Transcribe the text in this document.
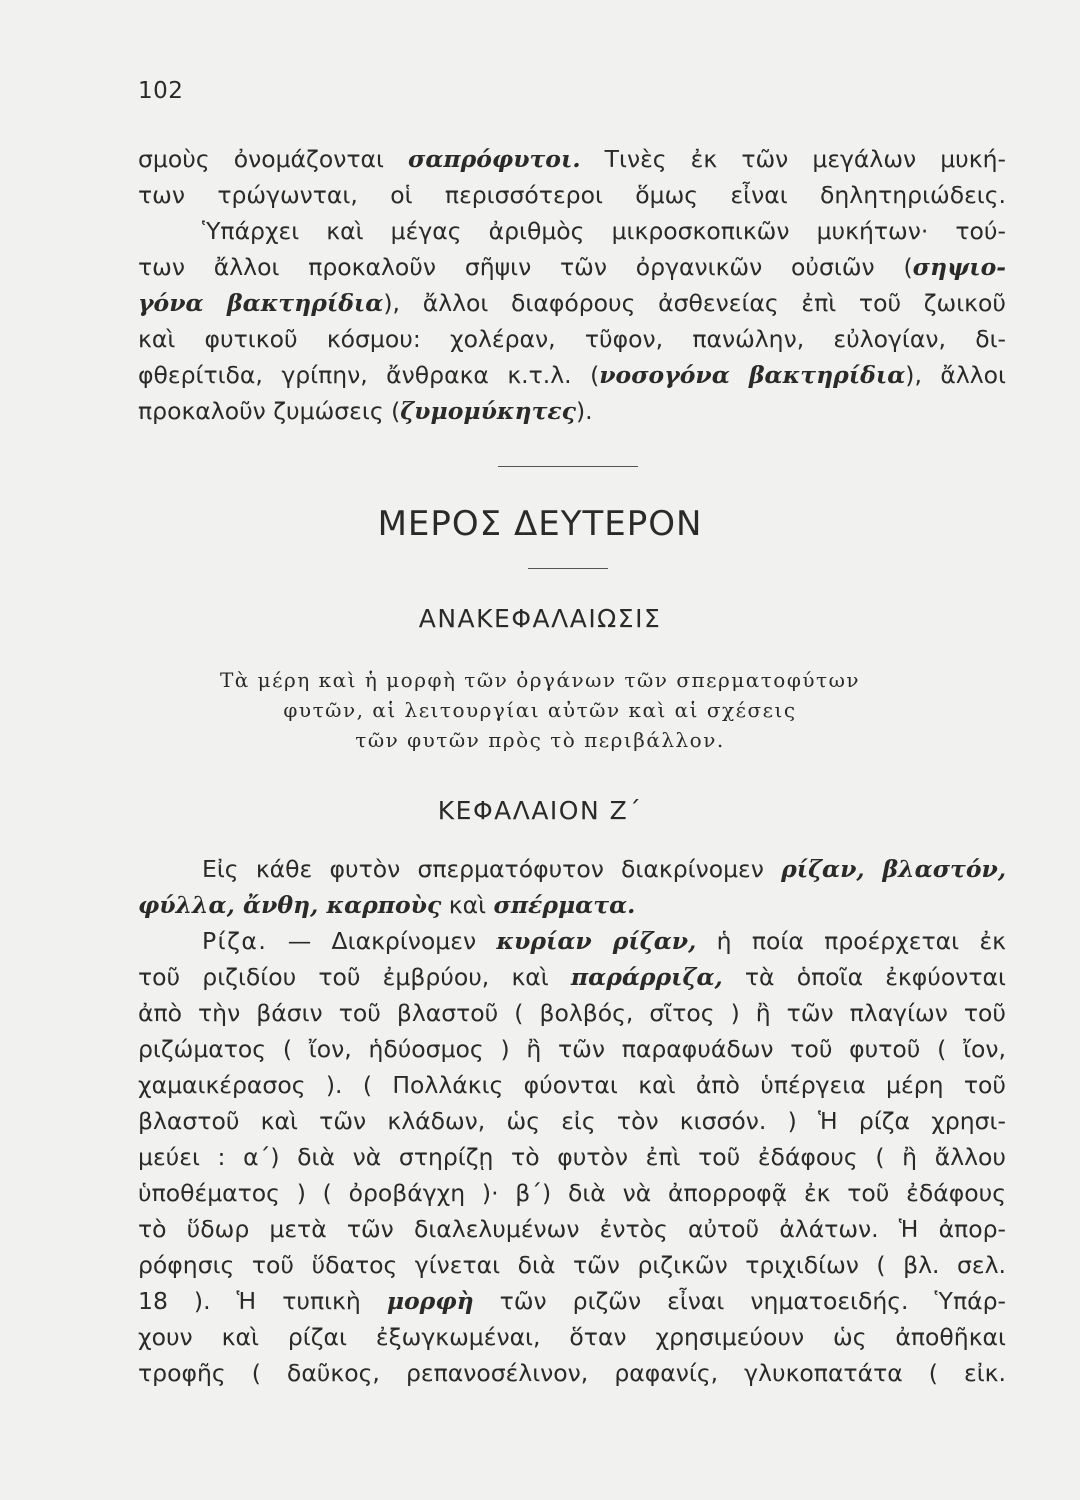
102
σμοὺς ὀνομάζονται σαπρόφυτοι. Τινὲς ἐκ τῶν μεγάλων μυκή-
των τρώγωνται, οἱ περισσότεροι ὅμως εἶναι δηλητηριώδεις.
Ὑπάρχει καὶ μέγας ἀριθμὸς μικροσκοπικῶν μυκήτων· τού-
των ἄλλοι προκαλοῦν σῆψιν τῶν ὀργανικῶν οὐσιῶν (σηψιο-
γόνα βακτηρίδια), ἄλλοι διαφόρους ἀσθενείας ἐπὶ τοῦ ζωικοῦ
καὶ φυτικοῦ κόσμου: χολέραν, τῦφον, πανώλην, εὐλογίαν, δι-
φθερίτιδα, γρίπην, ἄνθρακα κ.τ.λ. (νοσογόνα βακτηρίδια), ἄλλοι
προκαλοῦν ζυμώσεις (ζυμομύκητες).
ΜΕΡΟΣ ΔΕΥΤΕΡΟΝ
ΑΝΑΚΕΦΑΛΑΙΩΣΙΣ
Τὰ μέρη καὶ ἡ μορφὴ τῶν ὀργάνων τῶν σπερματοφύτων
φυτῶν, αἱ λειτουργίαι αὐτῶν καὶ αἱ σχέσεις
τῶν φυτῶν πρὸς τὸ περιβάλλον.
ΚΕΦΑΛΑΙΟΝ Ζ΄
Εἰς κάθε φυτὸν σπερματόφυτον διακρίνομεν ρίζαν, βλαστόν,
φύλλα, ἄνθη, καρποὺς καὶ σπέρματα.
Ρίζα. — Διακρίνομεν κυρίαν ρίζαν, ἡ ποία προέρχεται ἐκ
τοῦ ριζιδίου τοῦ ἐμβρύου, καὶ παράρριζα, τὰ ὁποῖα ἐκφύονται
ἀπὸ τὴν βάσιν τοῦ βλαστοῦ ( βολβός, σῖτος ) ἢ τῶν πλαγίων τοῦ
ριζώματος ( ἴον, ἡδύοσμος ) ἢ τῶν παραφυάδων τοῦ φυτοῦ ( ἴον,
χαμαικέρασος ). ( Πολλάκις φύονται καὶ ἀπὸ ὑπέργεια μέρη τοῦ
βλαστοῦ καὶ τῶν κλάδων, ὡς εἰς τὸν κισσόν. ) Ἡ ρίζα χρησι-
μεύει : α΄) διὰ νὰ στηρίζῃ τὸ φυτὸν ἐπὶ τοῦ ἐδάφους ( ἢ ἄλλου
ὑποθέματος ) ( ὀροβάγχη )· β΄) διὰ νὰ ἀπορροφᾷ ἐκ τοῦ ἐδάφους
τὸ ὕδωρ μετὰ τῶν διαλελυμένων ἐντὸς αὐτοῦ ἀλάτων. Ἡ ἀπορ-
ρόφησις τοῦ ὕδατος γίνεται διὰ τῶν ριζικῶν τριχιδίων ( βλ. σελ.
18 ). Ἡ τυπικὴ μορφὴ τῶν ριζῶν εἶναι νηματοειδής. Ὑπάρ-
χουν καὶ ρίζαι ἐξωγκωμέναι, ὅταν χρησιμεύουν ὡς ἀποθῆκαι
τροφῆς ( δαῦκος, ρεπανοσέλινον, ραφανίς, γλυκοπατάτα ( εἰκ.
